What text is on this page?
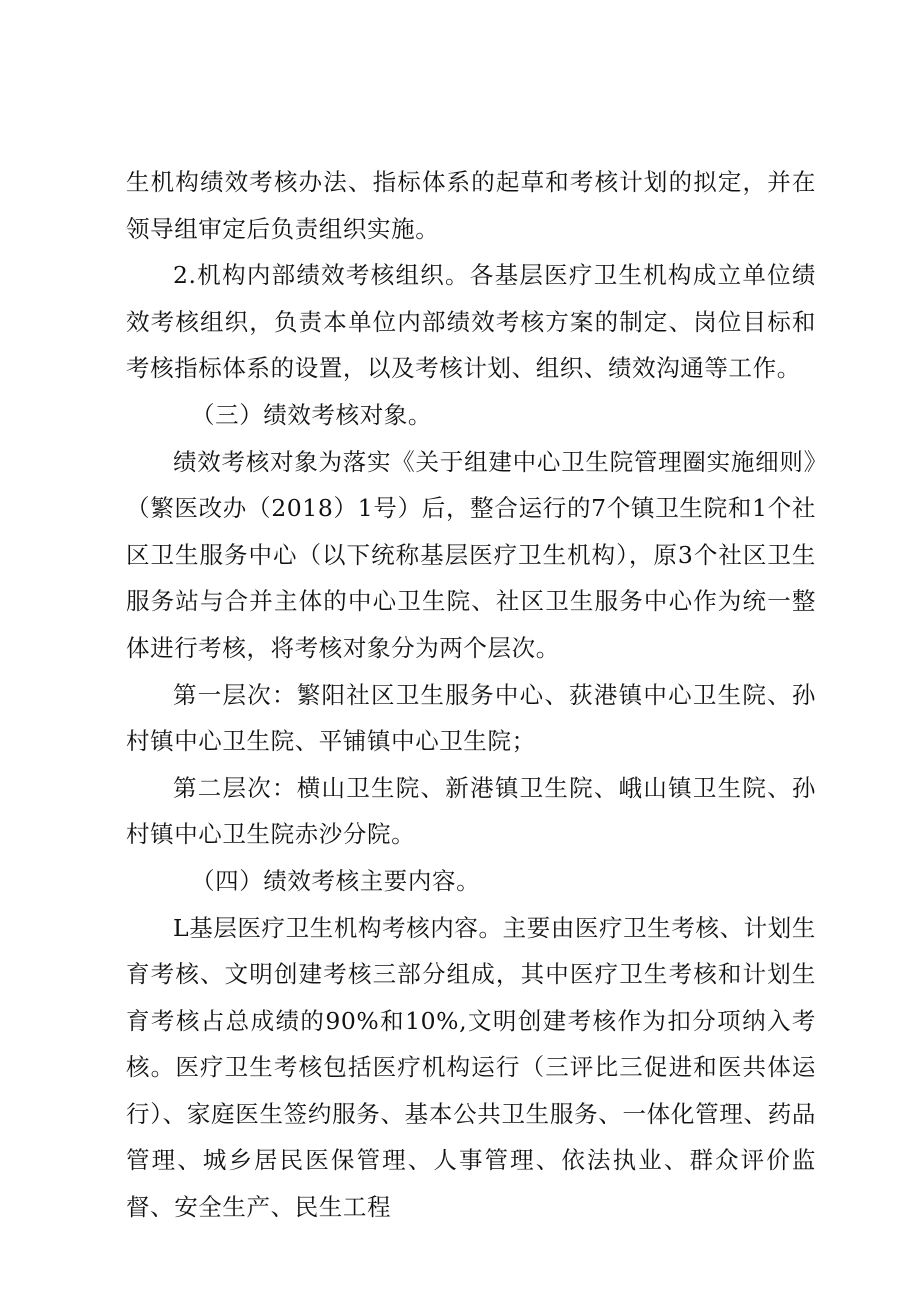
生机构绩效考核办法、指标体系的起草和考核计划的拟定，并在领导组审定后负责组织实施。

2.机构内部绩效考核组织。各基层医疗卫生机构成立单位绩效考核组织，负责本单位内部绩效考核方案的制定、岗位目标和考核指标体系的设置，以及考核计划、组织、绩效沟通等工作。

（三）绩效考核对象。

绩效考核对象为落实《关于组建中心卫生院管理圈实施细则》（繁医改办（2018）1号）后，整合运行的7个镇卫生院和1个社区卫生服务中心（以下统称基层医疗卫生机构），原3个社区卫生服务站与合并主体的中心卫生院、社区卫生服务中心作为统一整体进行考核，将考核对象分为两个层次。

第一层次：繁阳社区卫生服务中心、荻港镇中心卫生院、孙村镇中心卫生院、平铺镇中心卫生院；

第二层次：横山卫生院、新港镇卫生院、峨山镇卫生院、孙村镇中心卫生院赤沙分院。

（四）绩效考核主要内容。

L基层医疗卫生机构考核内容。主要由医疗卫生考核、计划生育考核、文明创建考核三部分组成，其中医疗卫生考核和计划生育考核占总成绩的90%和10%,文明创建考核作为扣分项纳入考核。医疗卫生考核包括医疗机构运行（三评比三促进和医共体运行）、家庭医生签约服务、基本公共卫生服务、一体化管理、药品管理、城乡居民医保管理、人事管理、依法执业、群众评价监督、安全生产、民生工程
